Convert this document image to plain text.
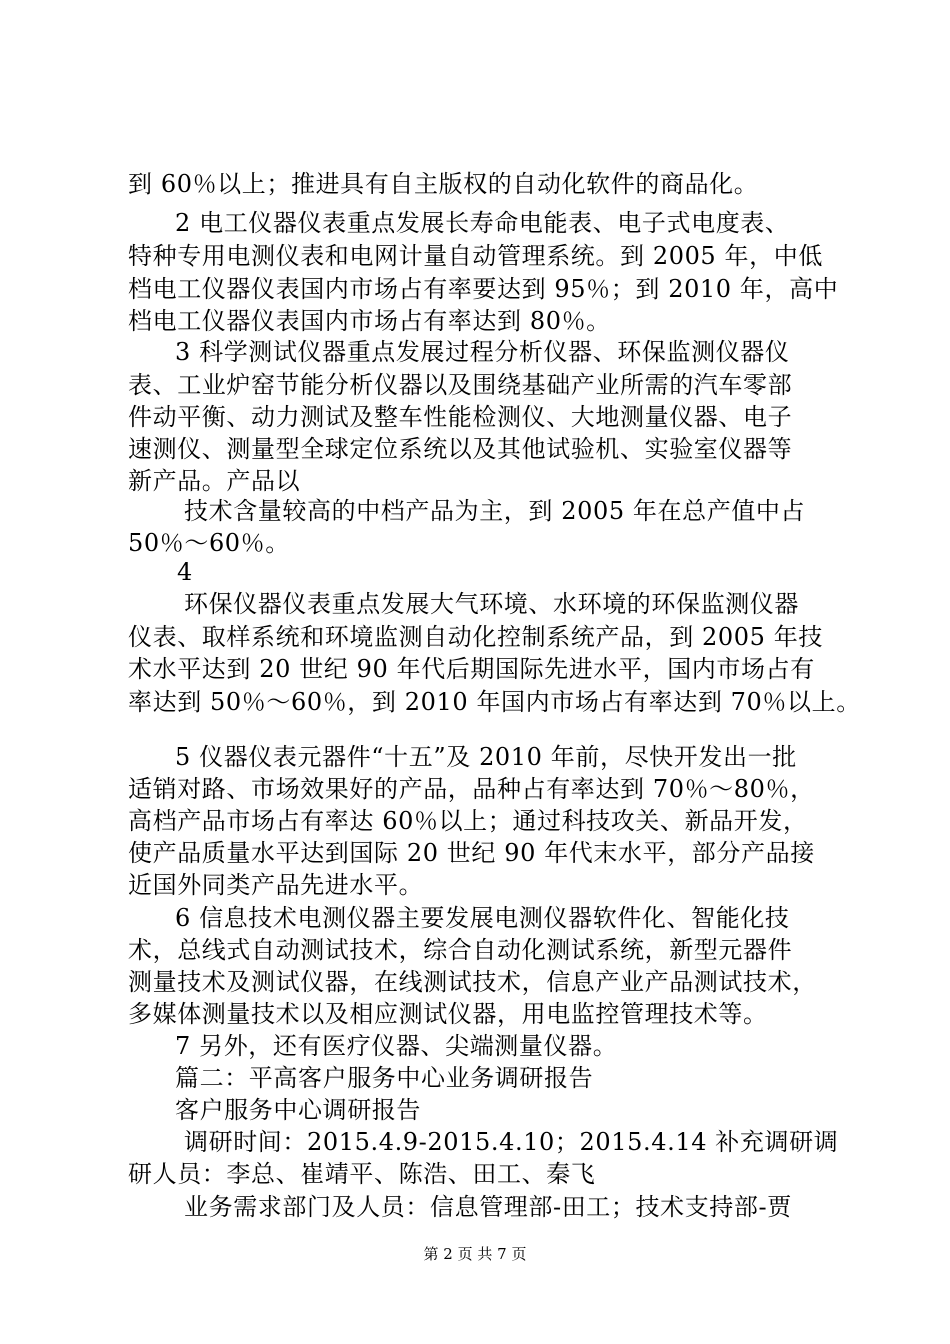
到 60％以上；推进具有自主版权的自动化软件的商品化。
2 电工仪器仪表重点发展长寿命电能表、电子式电度表、
特种专用电测仪表和电网计量自动管理系统。到 2005 年，中低
档电工仪器仪表国内市场占有率要达到 95％；到 2010 年，高中
档电工仪器仪表国内市场占有率达到 80％。
3 科学测试仪器重点发展过程分析仪器、环保监测仪器仪
表、工业炉窑节能分析仪器以及围绕基础产业所需的汽车零部
件动平衡、动力测试及整车性能检测仪、大地测量仪器、电子
速测仪、测量型全球定位系统以及其他试验机、实验室仪器等
新产品。产品以
技术含量较高的中档产品为主，到 2005 年在总产值中占
50％～60％。
4
环保仪器仪表重点发展大气环境、水环境的环保监测仪器
仪表、取样系统和环境监测自动化控制系统产品，到 2005 年技
术水平达到 20 世纪 90 年代后期国际先进水平，国内市场占有
率达到 50％～60％，到 2010 年国内市场占有率达到 70％以上。
5 仪器仪表元器件“十五”及 2010 年前，尽快开发出一批
适销对路、市场效果好的产品，品种占有率达到 70％～80％，
高档产品市场占有率达 60％以上；通过科技攻关、新品开发，
使产品质量水平达到国际 20 世纪 90 年代末水平，部分产品接
近国外同类产品先进水平。
6 信息技术电测仪器主要发展电测仪器软件化、智能化技
术，总线式自动测试技术，综合自动化测试系统，新型元器件
测量技术及测试仪器，在线测试技术，信息产业产品测试技术，
多媒体测量技术以及相应测试仪器，用电监控管理技术等。
7 另外，还有医疗仪器、尖端测量仪器。
篇二：平高客户服务中心业务调研报告
客户服务中心调研报告
调研时间：2015.4.9-2015.4.10；2015.4.14 补充调研调
研人员：李总、崔靖平、陈浩、田工、秦飞
业务需求部门及人员：信息管理部-田工；技术支持部-贾
第 2 页 共 7 页
